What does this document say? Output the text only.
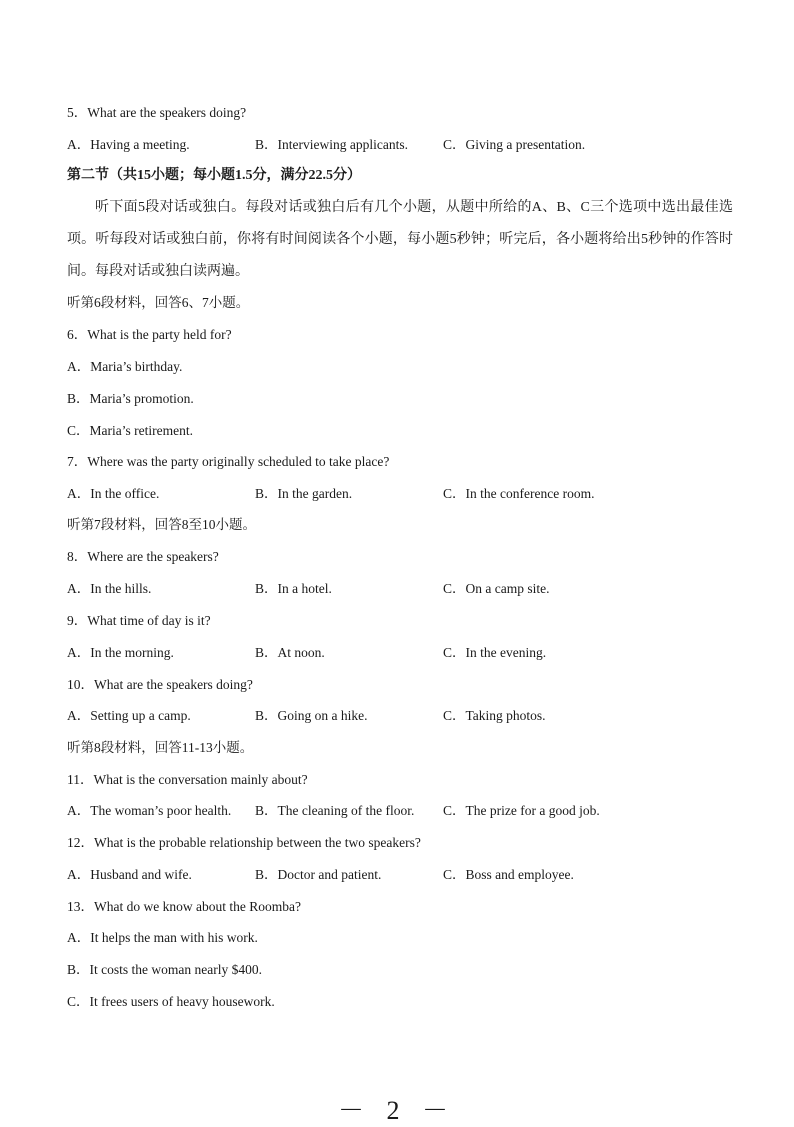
5．What are the speakers doing?
A．Having a meeting.	B．Interviewing applicants.	C．Giving a presentation.
第二节（共15小题；每小题1.5分，满分22.5分）
听下面5段对话或独白。每段对话或独白后有几个小题，从题中所给的A、B、C三个选项中选出最佳选项。听每段对话或独白前，你将有时间阅读各个小题，每小题5秒钟；听完后，各小题将给出5秒钟的作答时间。每段对话或独白读两遍。
听第6段材料，回答6、7小题。
6．What is the party held for?
A．Maria’s birthday.
B．Maria’s promotion.
C．Maria’s retirement.
7．Where was the party originally scheduled to take place?
A．In the office.	B．In the garden.	C．In the conference room.
听第7段材料，回答8至10小题。
8．Where are the speakers?
A．In the hills.	B．In a hotel.	C．On a camp site.
9．What time of day is it?
A．In the morning.	B．At noon.	C．In the evening.
10．What are the speakers doing?
A．Setting up a camp.	B．Going on a hike.	C．Taking photos.
听第8段材料，回答11-13小题。
11．What is the conversation mainly about?
A．The woman’s poor health. B．The cleaning of the floor. C．The prize for a good job.
12．What is the probable relationship between the two speakers?
A．Husband and wife.	B．Doctor and patient.	C．Boss and employee.
13．What do we know about the Roomba?
A．It helps the man with his work.
B．It costs the woman nearly $400.
C．It frees users of heavy housework.
－ 2 －
